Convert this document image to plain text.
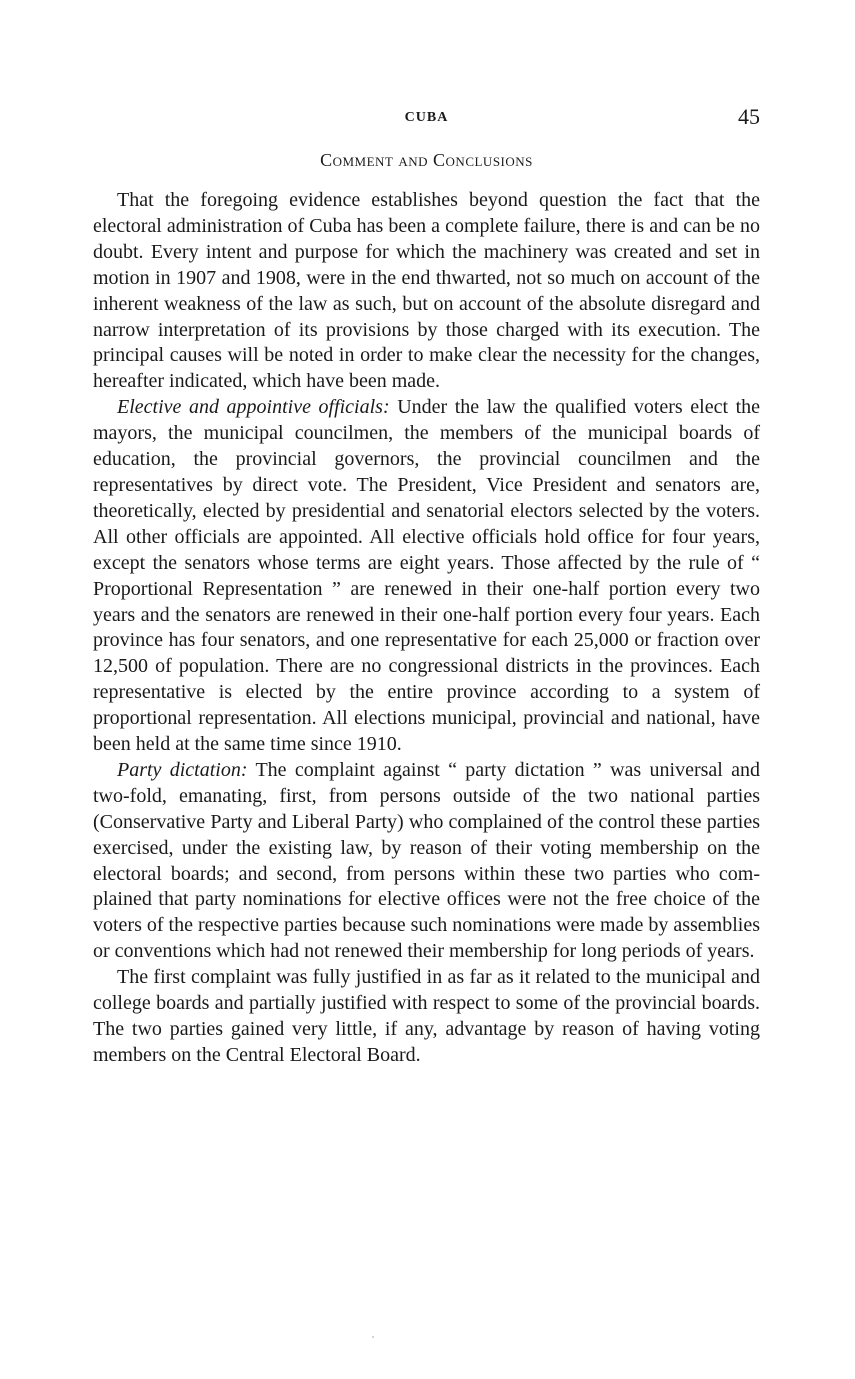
CUBA	45
Comment and Conclusions

That the foregoing evidence establishes beyond question the fact that the electoral administration of Cuba has been a complete failure, there is and can be no doubt. Every intent and purpose for which the machinery was created and set in motion in 1907 and 1908, were in the end thwarted, not so much on account of the inherent weakness of the law as such, but on account of the absolute disregard and narrow interpretation of its provisions by those charged with its execution. The principal causes will be noted in order to make clear the necessity for the changes, hereafter indicated, which have been made.

Elective and appointive officials: Under the law the qualified voters elect the mayors, the municipal councilmen, the members of the municipal boards of education, the provincial governors, the provincial councilmen and the representatives by direct vote. The President, Vice President and senators are, theoretically, elected by presidential and senatorial electors selected by the voters. All other officials are appointed. All elective officials hold office for four years, except the senators whose terms are eight years. Those affected by the rule of “ Proportional Representation ” are renewed in their one-half portion every two years and the senators are renewed in their one-half portion every four years. Each province has four senators, and one representative for each 25,000 or fraction over 12,500 of population. There are no congressional districts in the provinces. Each representative is elected by the entire province according to a system of proportional representation. All elections municipal, provincial and national, have been held at the same time since 1910.

Party dictation: The complaint against “ party dictation ” was universal and two-fold, emanating, first, from persons outside of the two national parties (Conservative Party and Liberal Party) who complained of the control these parties exercised, under the existing law, by reason of their voting membership on the electoral boards; and second, from persons within these two parties who complained that party nominations for elective offices were not the free choice of the voters of the respective parties because such nominations were made by assemblies or conventions which had not renewed their membership for long periods of years.

The first complaint was fully justified in as far as it related to the municipal and college boards and partially justified with respect to some of the provincial boards. The two parties gained very little, if any, advantage by reason of having voting members on the Central Electoral Board.
